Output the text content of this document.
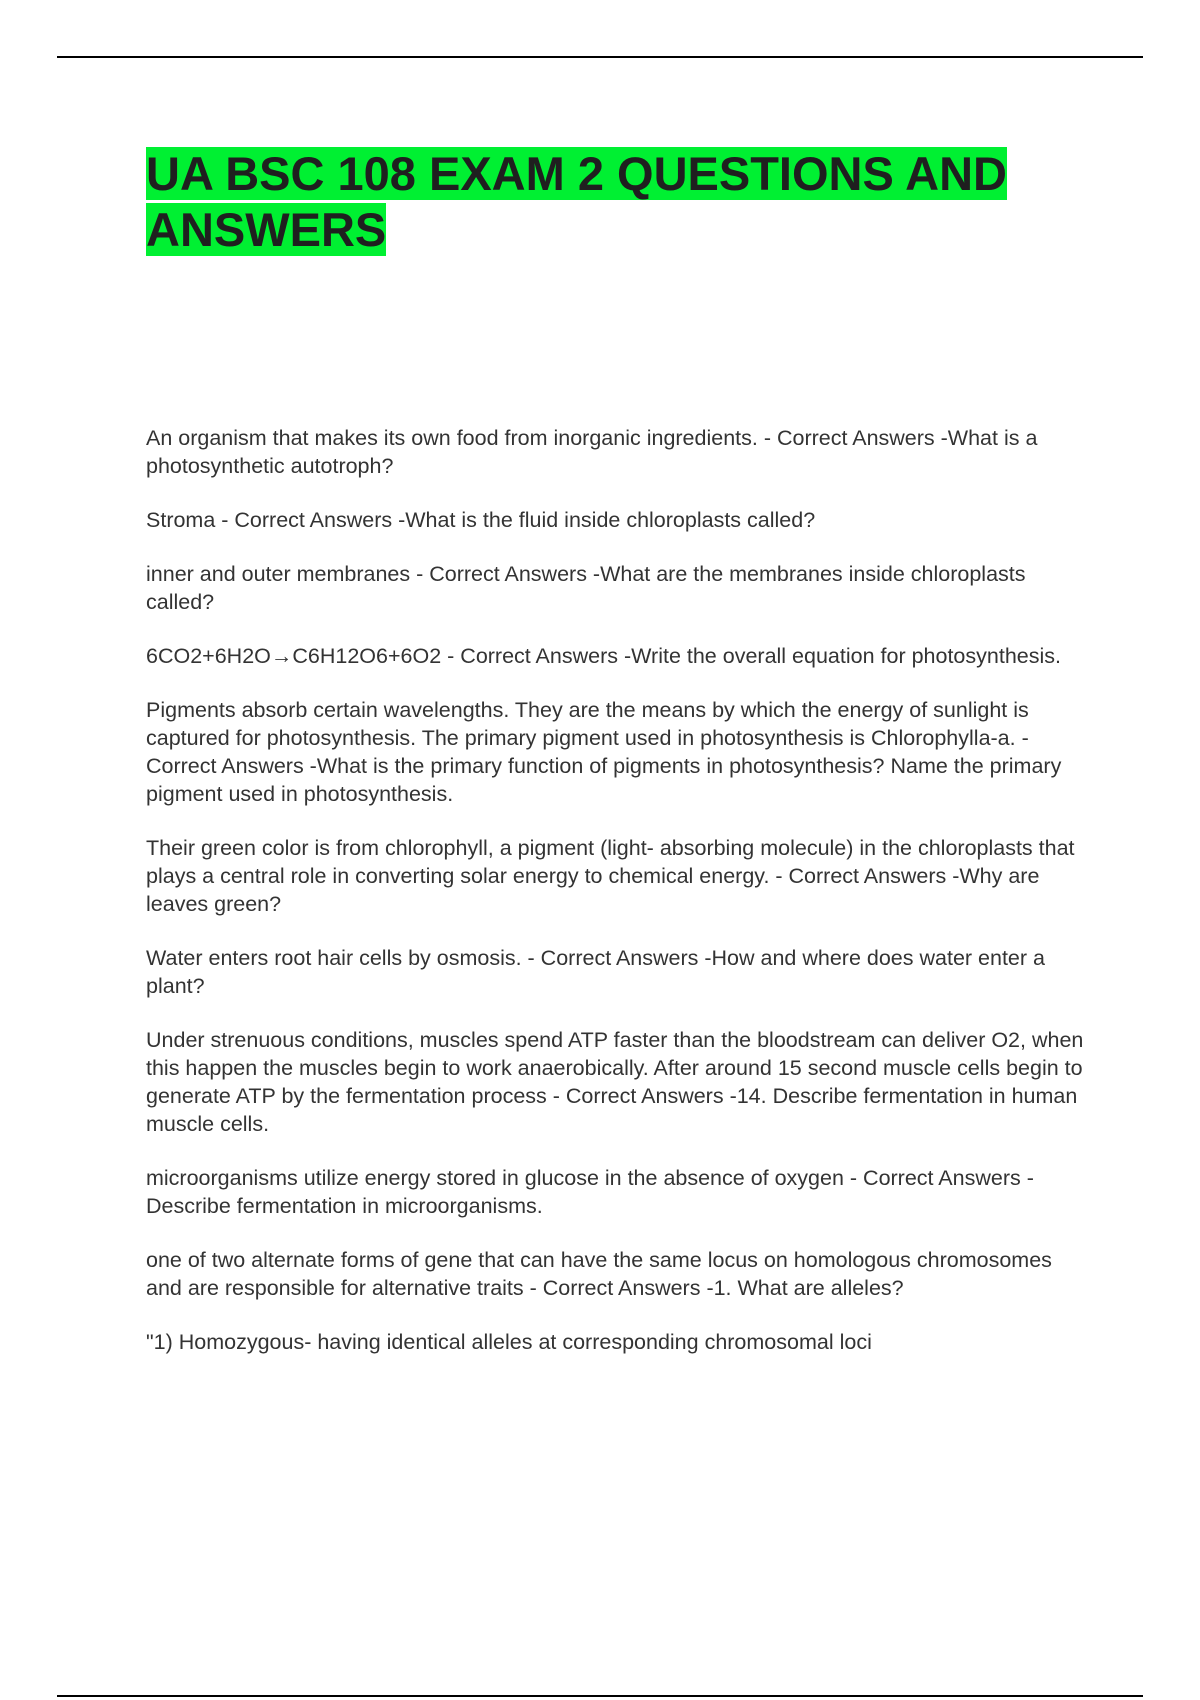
UA BSC 108 EXAM 2 QUESTIONS AND ANSWERS
An organism that makes its own food from inorganic ingredients. - Correct Answers -What is a photosynthetic autotroph?
Stroma - Correct Answers -What is the fluid inside chloroplasts called?
inner and outer membranes - Correct Answers -What are the membranes inside chloroplasts called?
6CO2+6H2O→C6H12O6+6O2 - Correct Answers -Write the overall equation for photosynthesis.
Pigments absorb certain wavelengths. They are the means by which the energy of sunlight is captured for photosynthesis. The primary pigment used in photosynthesis is Chlorophylla-a. - Correct Answers -What is the primary function of pigments in photosynthesis? Name the primary pigment used in photosynthesis.
Their green color is from chlorophyll, a pigment (light- absorbing molecule) in the chloroplasts that plays a central role in converting solar energy to chemical energy. - Correct Answers -Why are leaves green?
Water enters root hair cells by osmosis. - Correct Answers -How and where does water enter a plant?
Under strenuous conditions, muscles spend ATP faster than the bloodstream can deliver O2, when this happen the muscles begin to work anaerobically. After around 15 second muscle cells begin to generate ATP by the fermentation process - Correct Answers -14. Describe fermentation in human muscle cells.
microorganisms utilize energy stored in glucose in the absence of oxygen - Correct Answers -Describe fermentation in microorganisms.
one of two alternate forms of gene that can have the same locus on homologous chromosomes and are responsible for alternative traits - Correct Answers -1. What are alleles?
"1) Homozygous- having identical alleles at corresponding chromosomal loci
